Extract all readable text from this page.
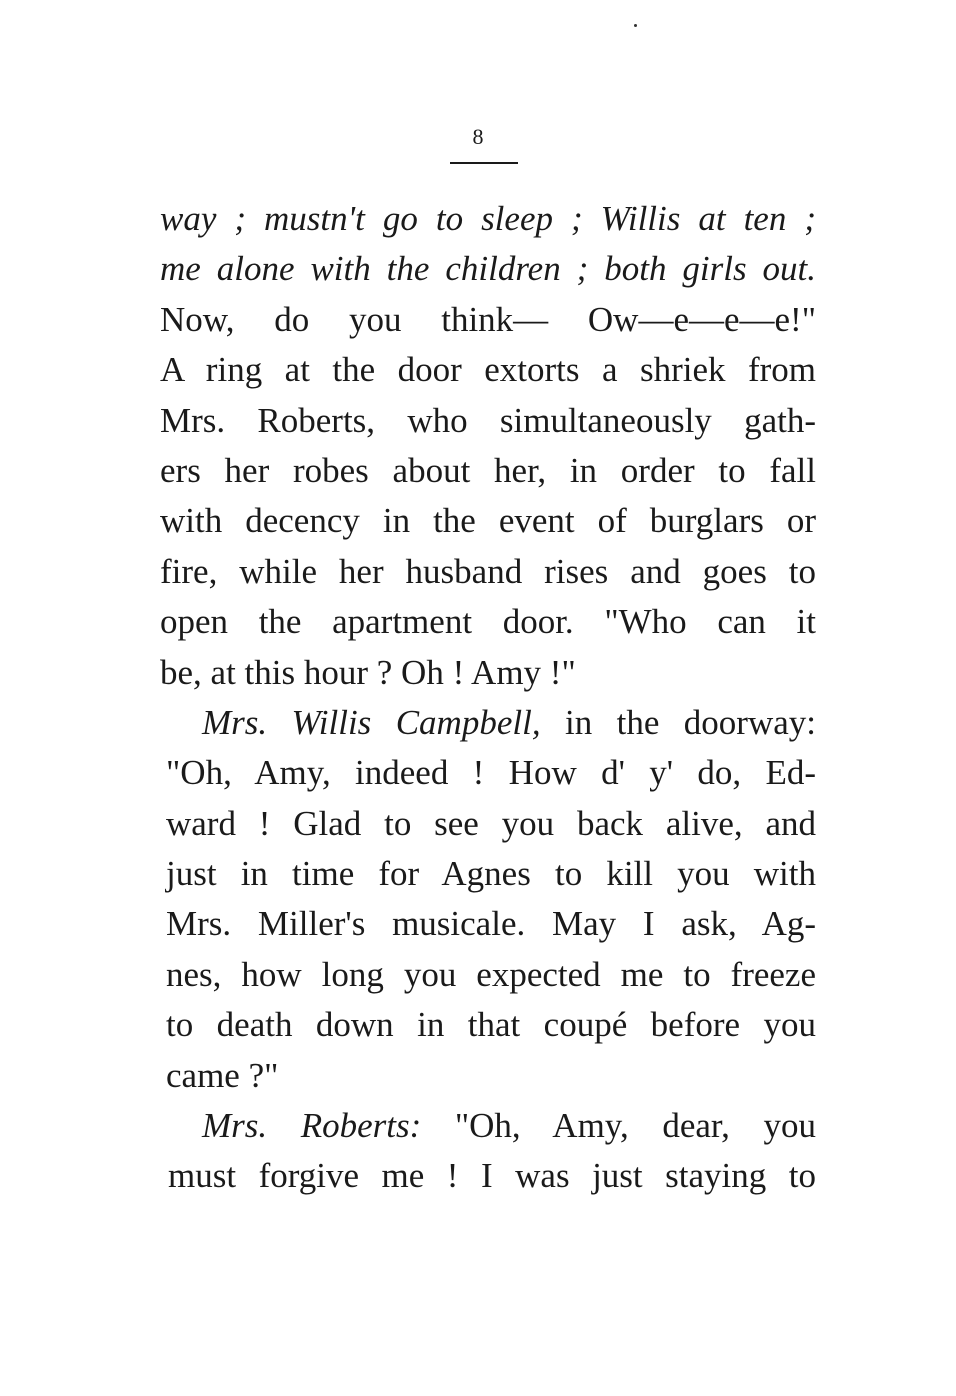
8
way ; mustn't go to sleep ; Willis at ten ;
me alone with the children ; both girls out.
Now, do you think— Ow—e—e—e!"
A ring at the door extorts a shriek from
Mrs. Roberts, who simultaneously gath-
ers her robes about her, in order to fall
with decency in the event of burglars or
fire, while her husband rises and goes to
open the apartment door. "Who can it
be, at this hour ? Oh ! Amy !"
Mrs. Willis Campbell, in the doorway:
"Oh, Amy, indeed ! How d' y' do, Ed-
ward ! Glad to see you back alive, and
just in time for Agnes to kill you with
Mrs. Miller's musicale. May I ask, Ag-
nes, how long you expected me to freeze
to death down in that coupé before you
came ?"
Mrs. Roberts: "Oh, Amy, dear, you
must forgive me ! I was just staying to
